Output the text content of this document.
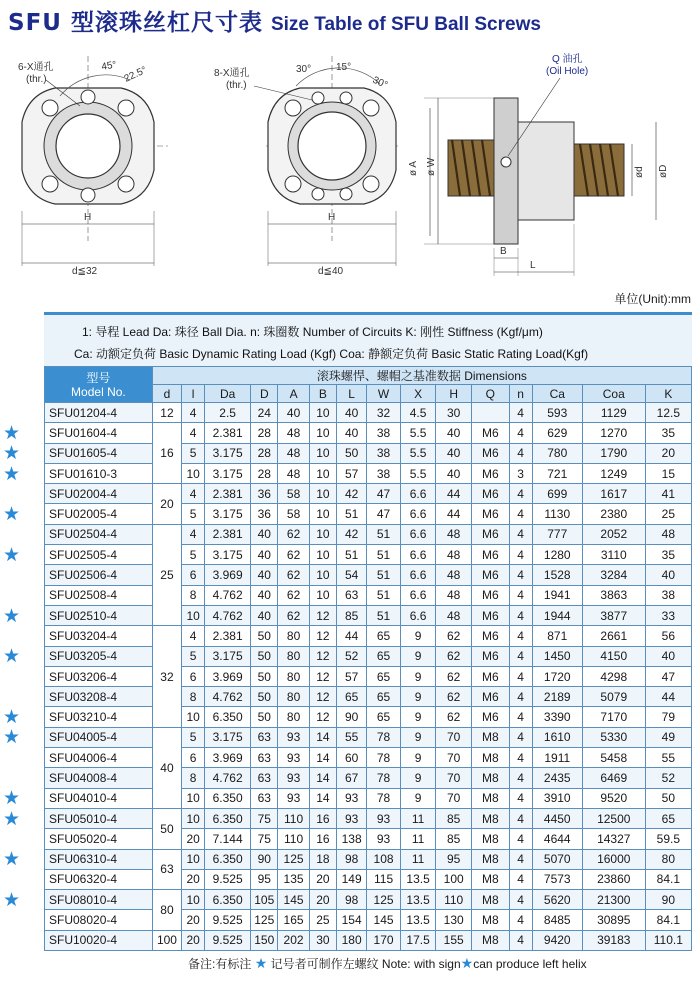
SFU 型滚珠丝杠尺寸表 Size Table of SFU Ball Screws
45° 22.5°
6-X通孔
(thr.)
H
d≦32
30° 15°
30°
8-X通孔
(thr.)
H
d≦40
ø A ø W	ød øD
Q 油孔
(Oil Hole)
B
L
单位(Unit):mm
1: 导程 Lead Da: 珠径 Ball Dia. n: 珠圈数 Number of Circuits K: 刚性 Stiffness (Kgf/μm)
Ca: 动额定负荷 Basic Dynamic Rating Load (Kgf) Coa: 静额定负荷 Basic Static Rating Load(Kgf)
型号
Model No.	滚珠螺悍、螺帽之基准数据 Dimensions														
	d	l	Da	D	A	B	L	W	X	H	Q	n	Ca	Coa	K
SFU01204-4	12	4	2.5	24	40	10	40	32	4.5	30		4	593	1129	12.5
SFU01604-4	16	4	2.381	28	48	10	40	38	5.5	40	M6	4	629	1270	35
SFU01605-4		5	3.175	28	48	10	50	38	5.5	40	M6	4	780	1790	20
SFU01610-3		10	3.175	28	48	10	57	38	5.5	40	M6	3	721	1249	15
SFU02004-4	20	4	2.381	36	58	10	42	47	6.6	44	M6	4	699	1617	41
SFU02005-4		5	3.175	36	58	10	51	47	6.6	44	M6	4	1130	2380	25
SFU02504-4	25	4	2.381	40	62	10	42	51	6.6	48	M6	4	777	2052	48
SFU02505-4		5	3.175	40	62	10	51	51	6.6	48	M6	4	1280	3110	35
SFU02506-4		6	3.969	40	62	10	54	51	6.6	48	M6	4	1528	3284	40
SFU02508-4		8	4.762	40	62	10	63	51	6.6	48	M6	4	1941	3863	38
SFU02510-4		10	4.762	40	62	12	85	51	6.6	48	M6	4	1944	3877	33
SFU03204-4	32	4	2.381	50	80	12	44	65	9	62	M6	4	871	2661	56
SFU03205-4		5	3.175	50	80	12	52	65	9	62	M6	4	1450	4150	40
SFU03206-4		6	3.969	50	80	12	57	65	9	62	M6	4	1720	4298	47
SFU03208-4		8	4.762	50	80	12	65	65	9	62	M6	4	2189	5079	44
SFU03210-4		10	6.350	50	80	12	90	65	9	62	M6	4	3390	7170	79
SFU04005-4	40	5	3.175	63	93	14	55	78	9	70	M8	4	1610	5330	49
SFU04006-4		6	3.969	63	93	14	60	78	9	70	M8	4	1911	5458	55
SFU04008-4		8	4.762	63	93	14	67	78	9	70	M8	4	2435	6469	52
SFU04010-4		10	6.350	63	93	14	93	78	9	70	M8	4	3910	9520	50
SFU05010-4	50	10	6.350	75	110	16	93	93	11	85	M8	4	4450	12500	65
SFU05020-4		20	7.144	75	110	16	138	93	11	85	M8	4	4644	14327	59.5
SFU06310-4	63	10	6.350	90	125	18	98	108	11	95	M8	4	5070	16000	80
SFU06320-4		20	9.525	95	135	20	149	115	13.5	100	M8	4	7573	23860	84.1
SFU08010-4	80	10	6.350	105	145	20	98	125	13.5	110	M8	4	5620	21300	90
SFU08020-4		20	9.525	125	165	25	154	145	13.5	130	M8	4	8485	30895	84.1
SFU10020-4	100	20	9.525	150	202	30	180	170	17.5	155	M8	4	9420	39183	110.1
★
★
★
★
★
★
★
★
★
★
★
★
★
备注:有标注 ★ 记号者可制作左螺纹 Note: with sign★can produce left helix
